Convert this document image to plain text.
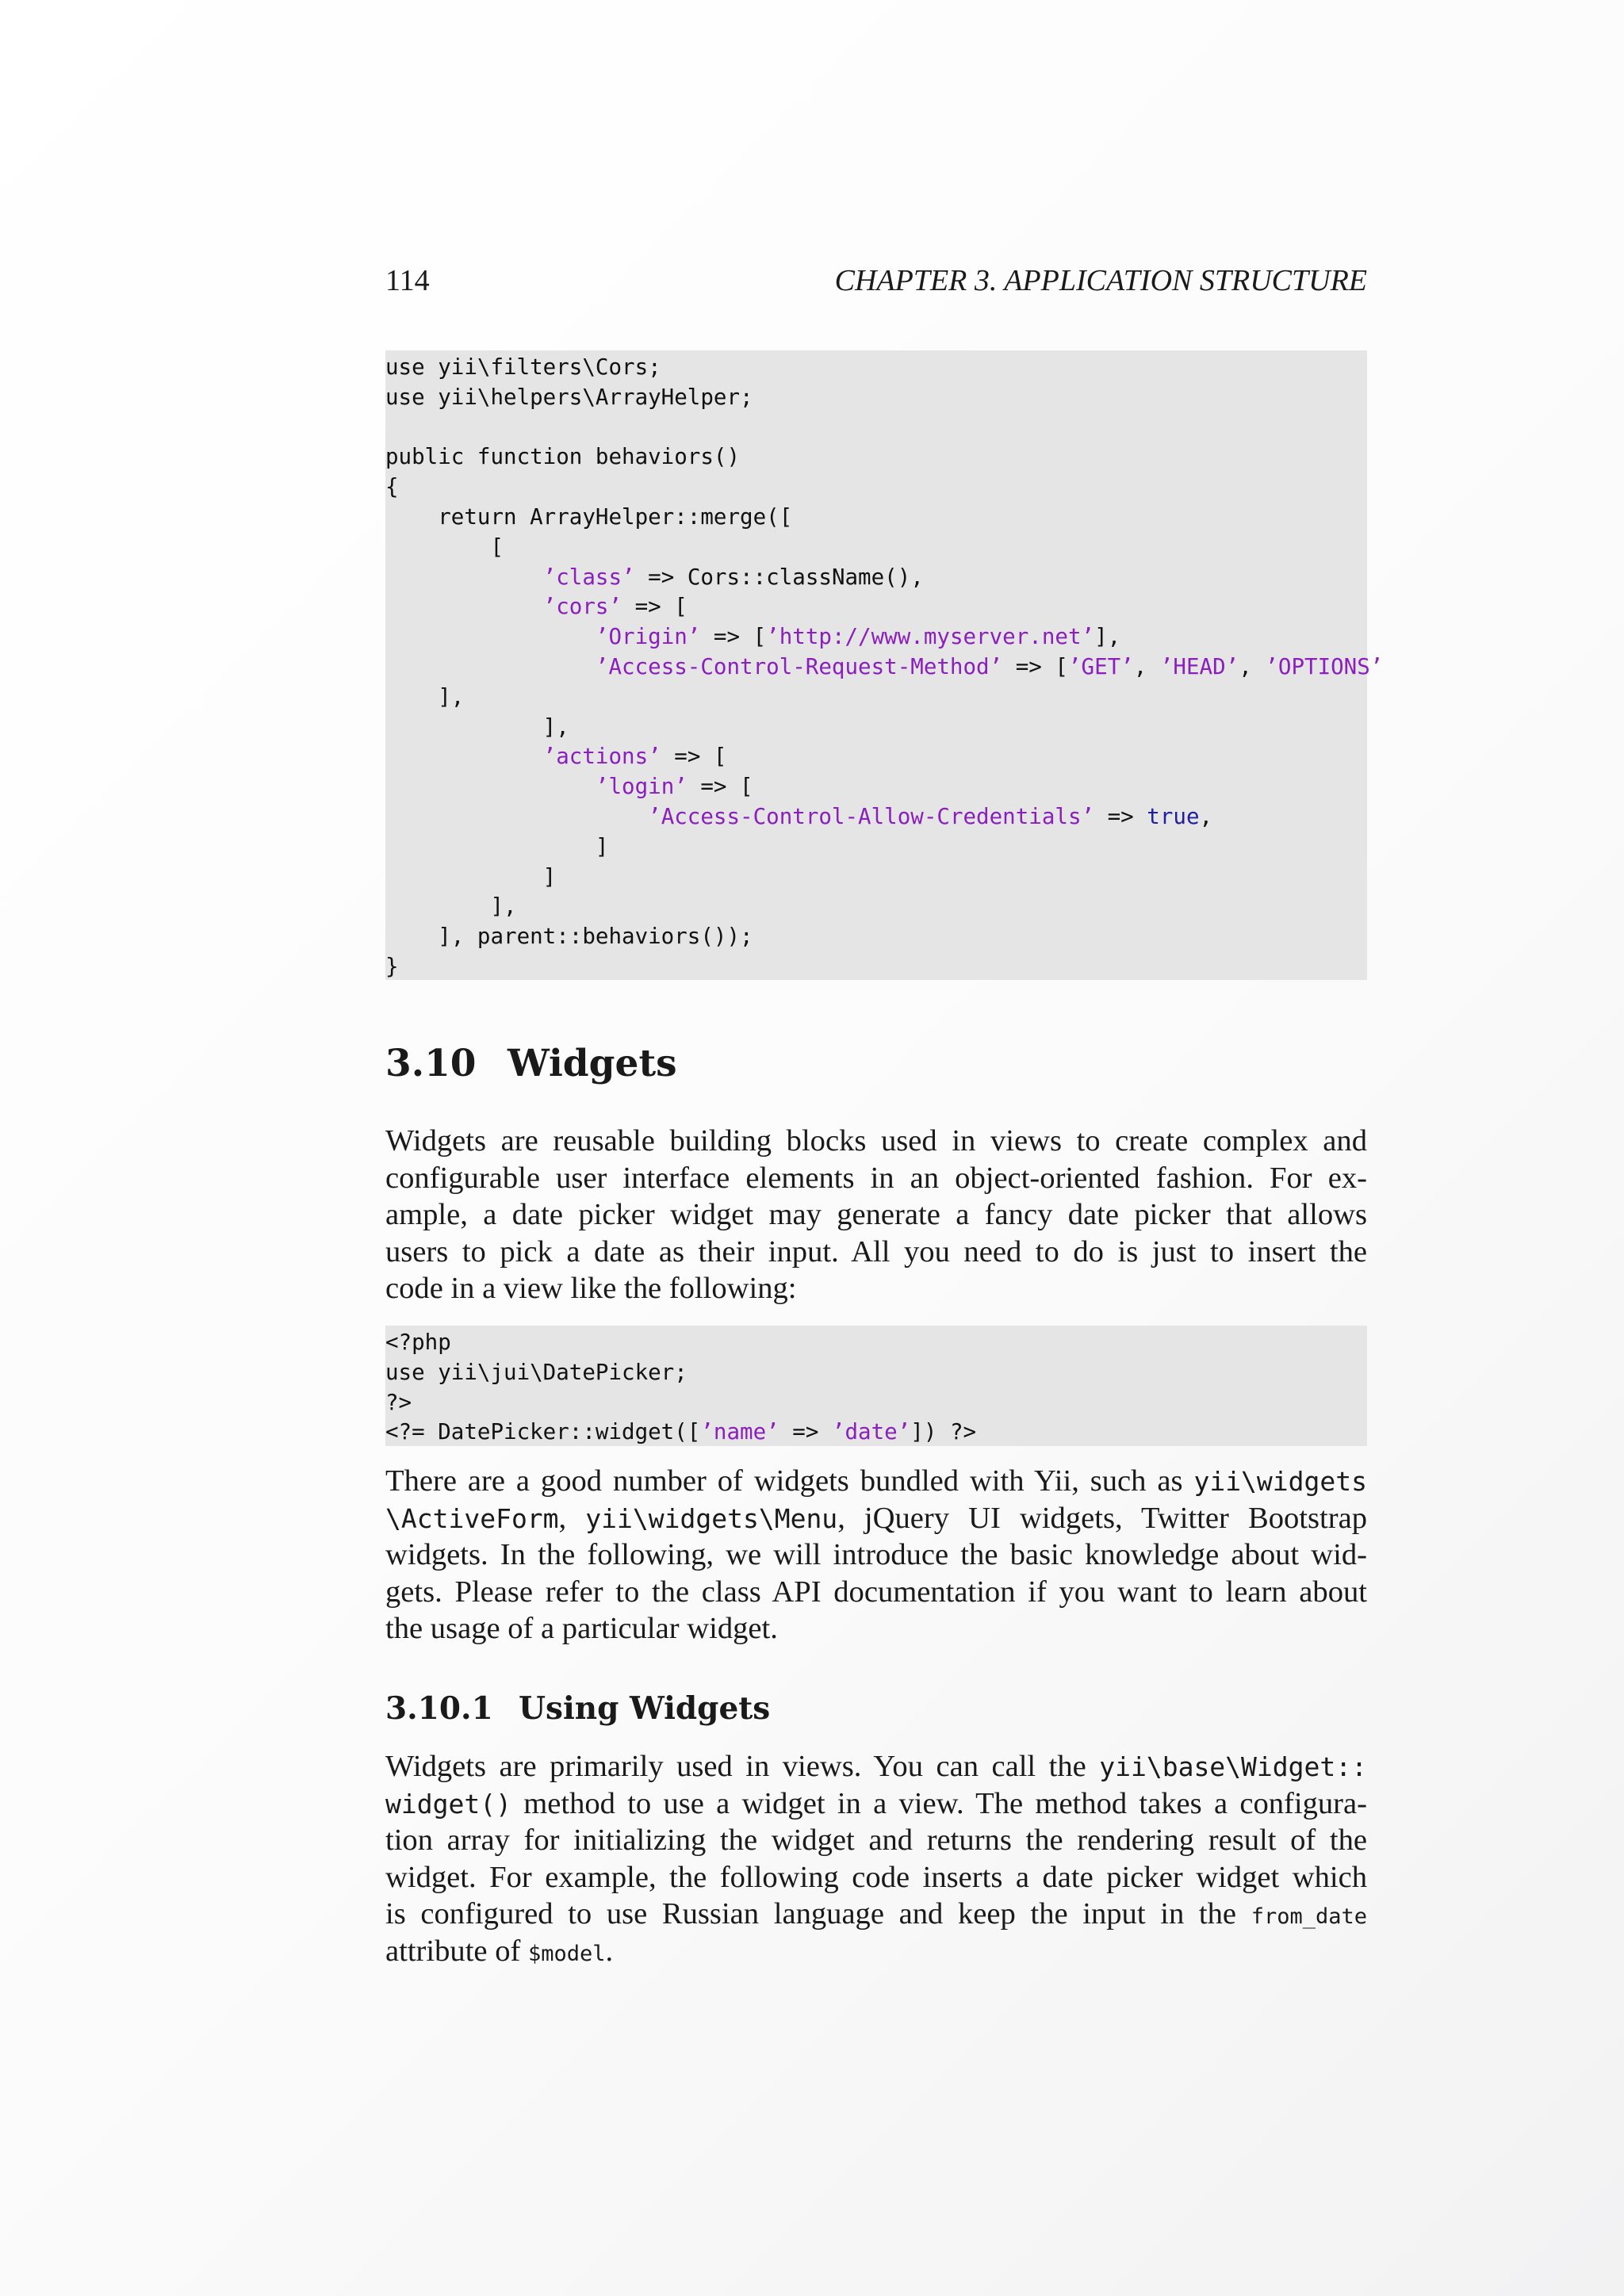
114	CHAPTER 3. APPLICATION STRUCTURE
use yii\filters\Cors;
use yii\helpers\ArrayHelper;

public function behaviors()
{
return ArrayHelper::merge([
[
’class’ => Cors::className(),
’cors’ => [
’Origin’ => [’http://www.myserver.net’],
’Access-Control-Request-Method’ => [’GET’, ’HEAD’, ’OPTIONS’
],
],
’actions’ => [
’login’ => [
’Access-Control-Allow-Credentials’ => true,
]
]
],
], parent::behaviors());
}
3.10 Widgets
Widgets are reusable building blocks used in views to create complex and
configurable user interface elements in an object-oriented fashion. For ex-
ample, a date picker widget may generate a fancy date picker that allows
users to pick a date as their input. All you need to do is just to insert the
code in a view like the following:
<?php
use yii\jui\DatePicker;
?>
<?= DatePicker::widget([’name’ => ’date’]) ?>
There are a good number of widgets bundled with Yii, such as yii\widgets
\ActiveForm, yii\widgets\Menu, jQuery UI widgets, Twitter Bootstrap
widgets. In the following, we will introduce the basic knowledge about wid-
gets. Please refer to the class API documentation if you want to learn about
the usage of a particular widget.
3.10.1 Using Widgets
Widgets are primarily used in views. You can call the yii\base\Widget::
widget() method to use a widget in a view. The method takes a configura-
tion array for initializing the widget and returns the rendering result of the
widget. For example, the following code inserts a date picker widget which
is configured to use Russian language and keep the input in the from_date
attribute of $model.
